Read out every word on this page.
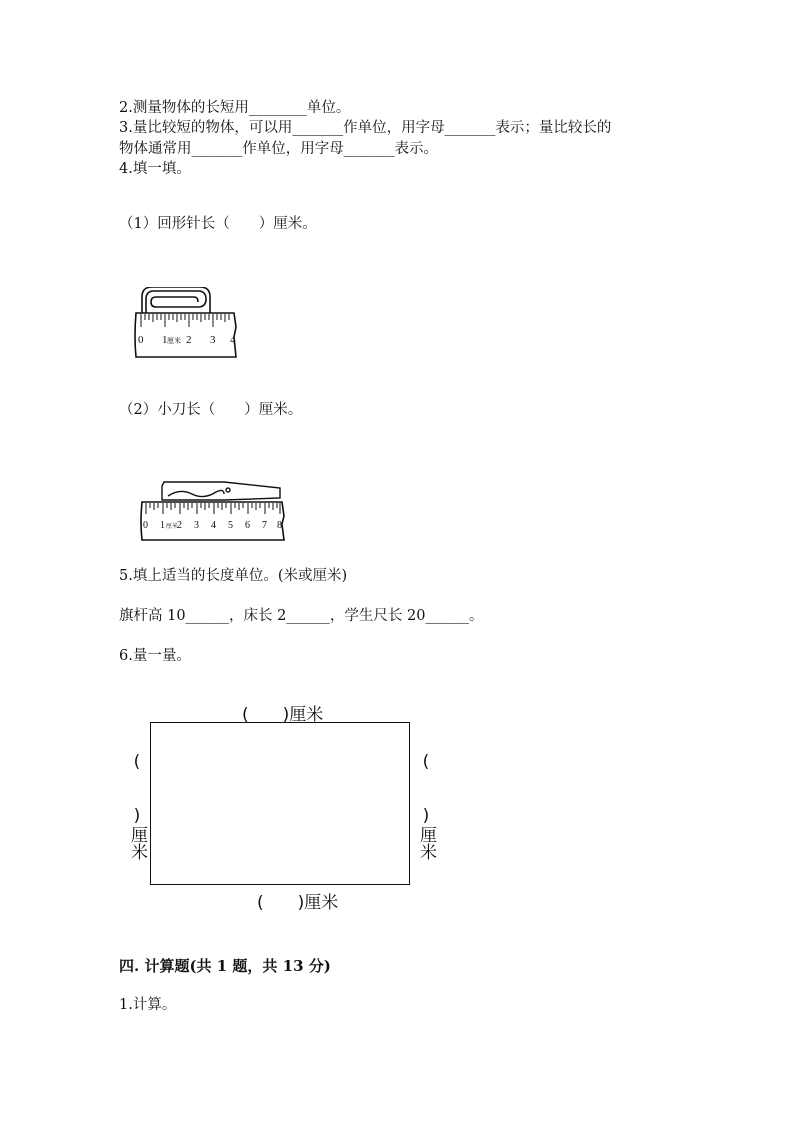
2.测量物体的长短用________单位。
3.量比较短的物体，可以用_______作单位，用字母_______表示；量比较长的
物体通常用_______作单位，用字母_______表示。
4.填一填。
（1）回形针长（　　）厘米。
0 1 厘米 2 3 4
（2）小刀长（　　）厘米。
0 1 厘米
2 3 4 5 6 7 8
5.填上适当的长度单位。(米或厘米)
旗杆高 10______，床长 2______，学生尺长 20______。
6.量一量。
(　　)厘米
(　　)厘米	(　　)厘米
(　　)厘米
四. 计算题(共 1 题，共 13 分)
1.计算。
